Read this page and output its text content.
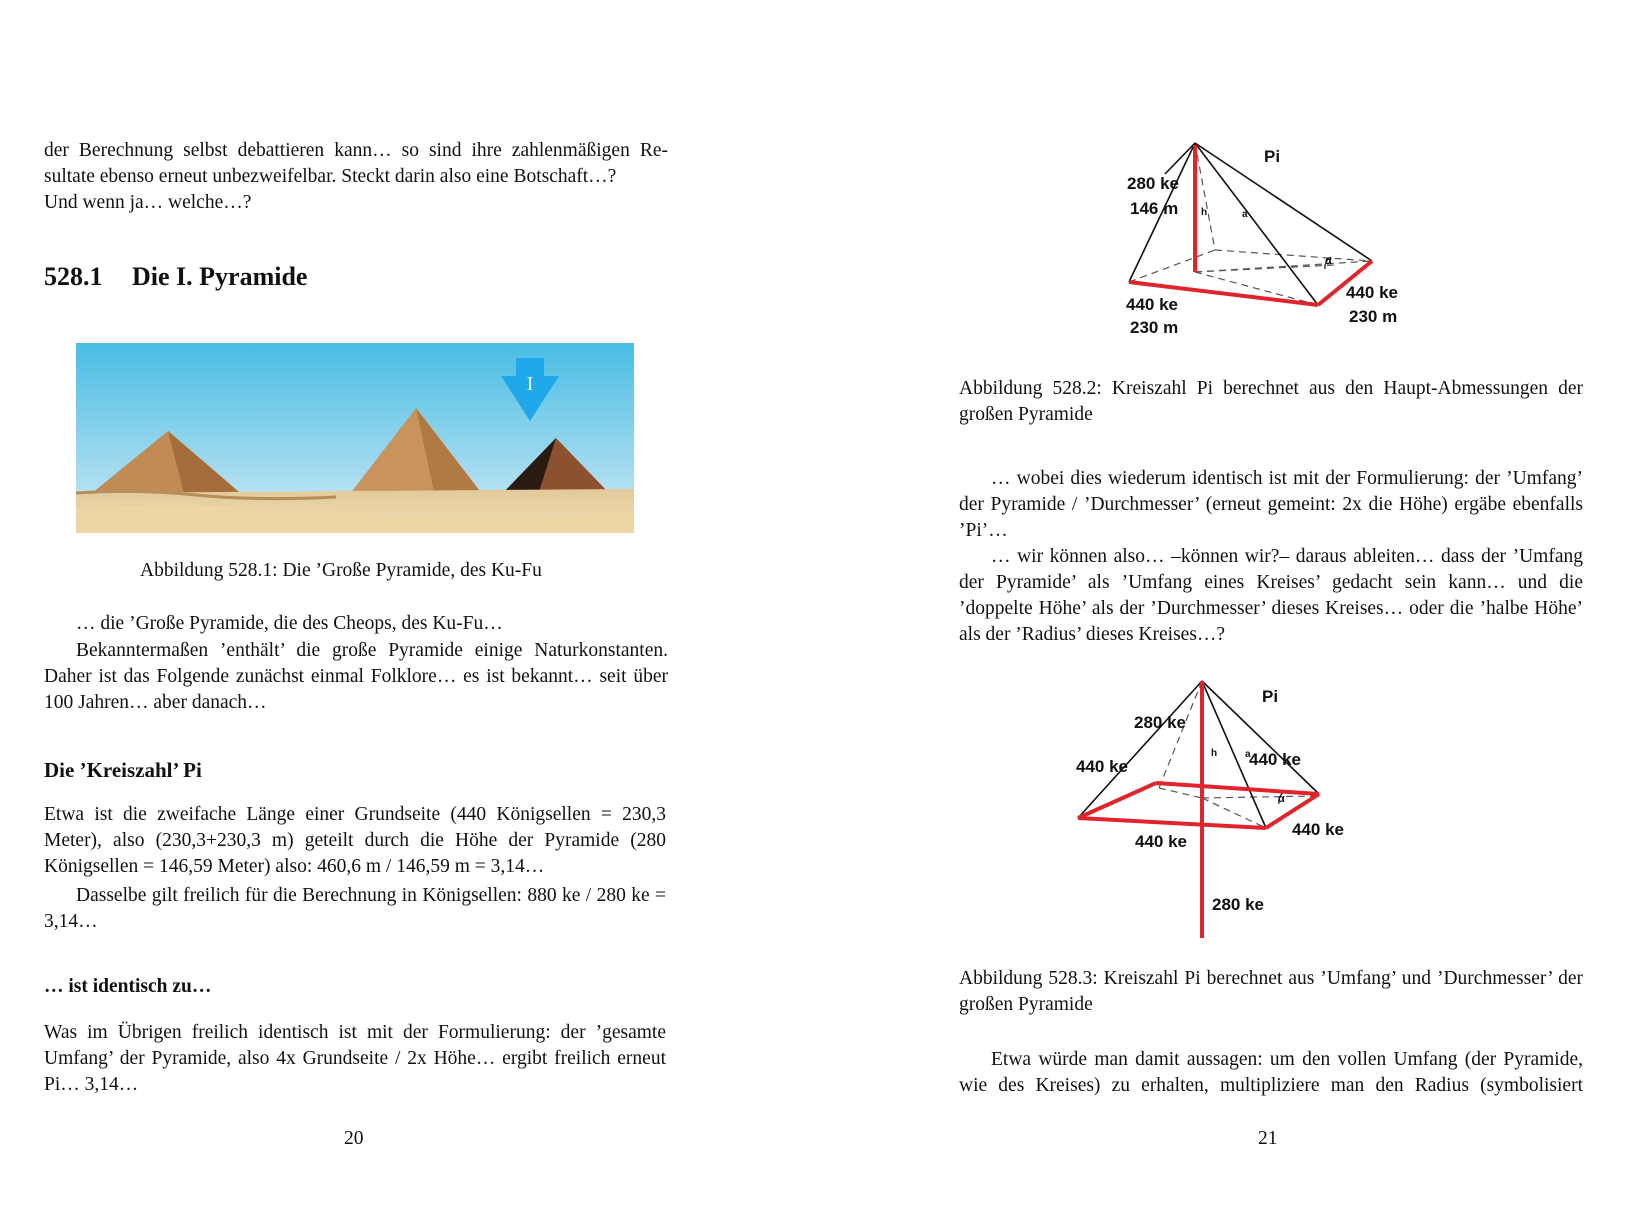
der Berechnung selbst debattieren kann… so sind ihre zahlenmäßigen Re-
sultate ebenso erneut unbezweifelbar. Steckt darin also eine Botschaft…?
Und wenn ja… welche…?
528.1 Die I. Pyramide
I
Abbildung 528.1: Die ’Große Pyramide, des Ku-Fu
… die ’Große Pyramide, die des Cheops, des Ku-Fu…
Bekanntermaßen ’enthält’ die große Pyramide einige Naturkonstanten. Daher ist das Folgende zunächst einmal Folklore… es ist bekannt… seit über 100 Jahren… aber danach…
Die ’Kreiszahl’ Pi
Etwa ist die zweifache Länge einer Grundseite (440 Königsellen = 230,3 Meter), also (230,3+230,3 m) geteilt durch die Höhe der Pyramide (280 Königsellen = 146,59 Meter) also: 460,6 m / 146,59 m = 3,14…
Dasselbe gilt freilich für die Berechnung in Königsellen: 880 ke / 280 ke = 3,14…
… ist identisch zu…
Was im Übrigen freilich identisch ist mit der Formulierung: der ’gesamte Umfang’ der Pyramide, also 4x Grundseite / 2x Höhe… ergibt freilich erneut Pi… 3,14…
20
Pi
280 ke
146 m h	a
α
440 ke
230 m
440 ke
230 m
Abbildung 528.2: Kreiszahl Pi berechnet aus den Haupt-Abmessungen der großen Pyramide
… wobei dies wiederum identisch ist mit der Formulierung: der ’Umfang’ der Pyramide / ’Durchmesser’ (erneut gemeint: 2x die Höhe) ergäbe ebenfalls ’Pi’…
… wir können also… –können wir?– daraus ableiten… dass der ’Umfang der Pyramide’ als ’Umfang eines Kreises’ gedacht sein kann… und die ’doppelte Höhe’ als der ’Durchmesser’ dieses Kreises… oder die ’halbe Höhe’ als der ’Radius’ dieses Kreises…?
Pi
280 ke
440 ke
h	a
440 ke
α
440 ke
440 ke
280 ke
Abbildung 528.3: Kreiszahl Pi berechnet aus ’Umfang’ und ’Durchmesser’ der großen Pyramide
Etwa würde man damit aussagen: um den vollen Umfang (der Pyramide, wie des Kreises) zu erhalten, multipliziere man den Radius (symbolisiert
21
